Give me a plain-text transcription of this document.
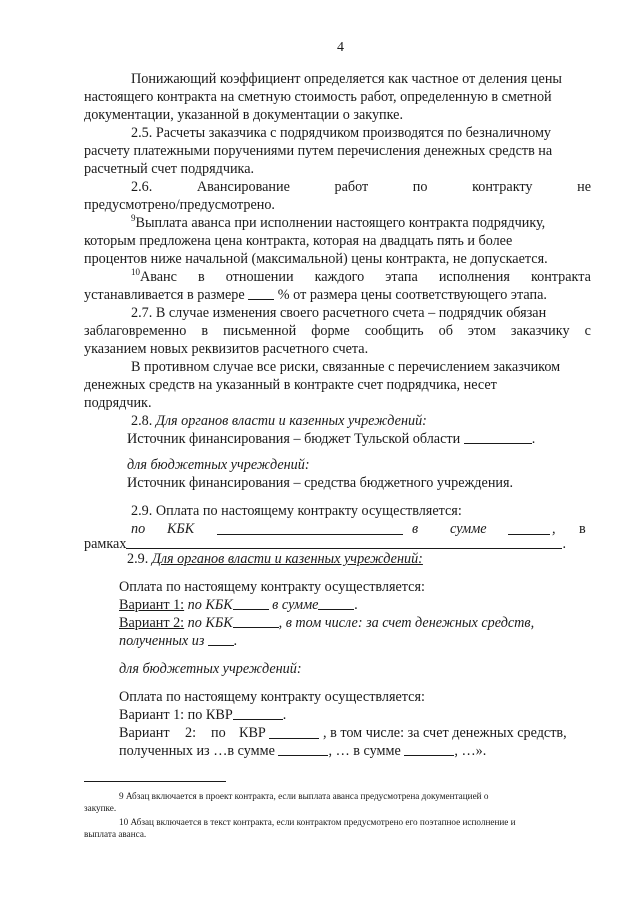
4
Понижающий коэффициент определяется как частное от деления цены
настоящего контракта на сметную стоимость работ, определенную в сметной
документации, указанной в документации о закупке.
2.5. Расчеты заказчика с подрядчиком производятся по безналичному
расчету платежными поручениями путем перечисления денежных средств на
расчетный счет подрядчика.
2.6.	Авансирование	работ	по	контракту	не
предусмотрено/предусмотрено.
$^9$Выплата аванса при исполнении настоящего контракта подрядчику,
которым предложена цена контракта, которая на двадцать пять и более
процентов ниже начальной (максимальной) цены контракта, не допускается.
$^{10}$Аванс в отношении каждого этапа исполнения контракта
устанавливается в размере % от размера цены соответствующего этапа.
2.7. В случае изменения своего расчетного счета – подрядчик обязан
заблаговременно в письменной форме сообщить об этом заказчику с
указанием новых реквизитов расчетного счета.
В противном случае все риски, связанные с перечислением заказчиком
денежных средств на указанный в контракте счет подрядчика, несет
подрядчик.
2.8. Для органов власти и казенных учреждений:
Источник финансирования – бюджет Тульской области	.
для бюджетных учреждений:
Источник финансирования – средства бюджетного учреждения.
2.9. Оплата по настоящему контракту осуществляется:
по КБК	в сумме	, в
рамках	.
2.9. Для органов власти и казенных учреждений:
Оплата по настоящему контракту осуществляется:
Вариант 1: по КБК	в сумме	.
Вариант 2: по КБК	, в том числе: за счет денежных средств,
полученных из .
для бюджетных учреждений:
Оплата по настоящему контракту осуществляется:
Вариант 1: по КВР	.
Вариант 2: по КВР	, в том числе: за счет денежных средств,
полученных из …в сумме	, … в сумме	, …».
9 Абзац включается в проект контракта, если выплата аванса предусмотрена документацией о
закупке.
10 Абзац включается в текст контракта, если контрактом предусмотрено его поэтапное исполнение и
выплата аванса.
